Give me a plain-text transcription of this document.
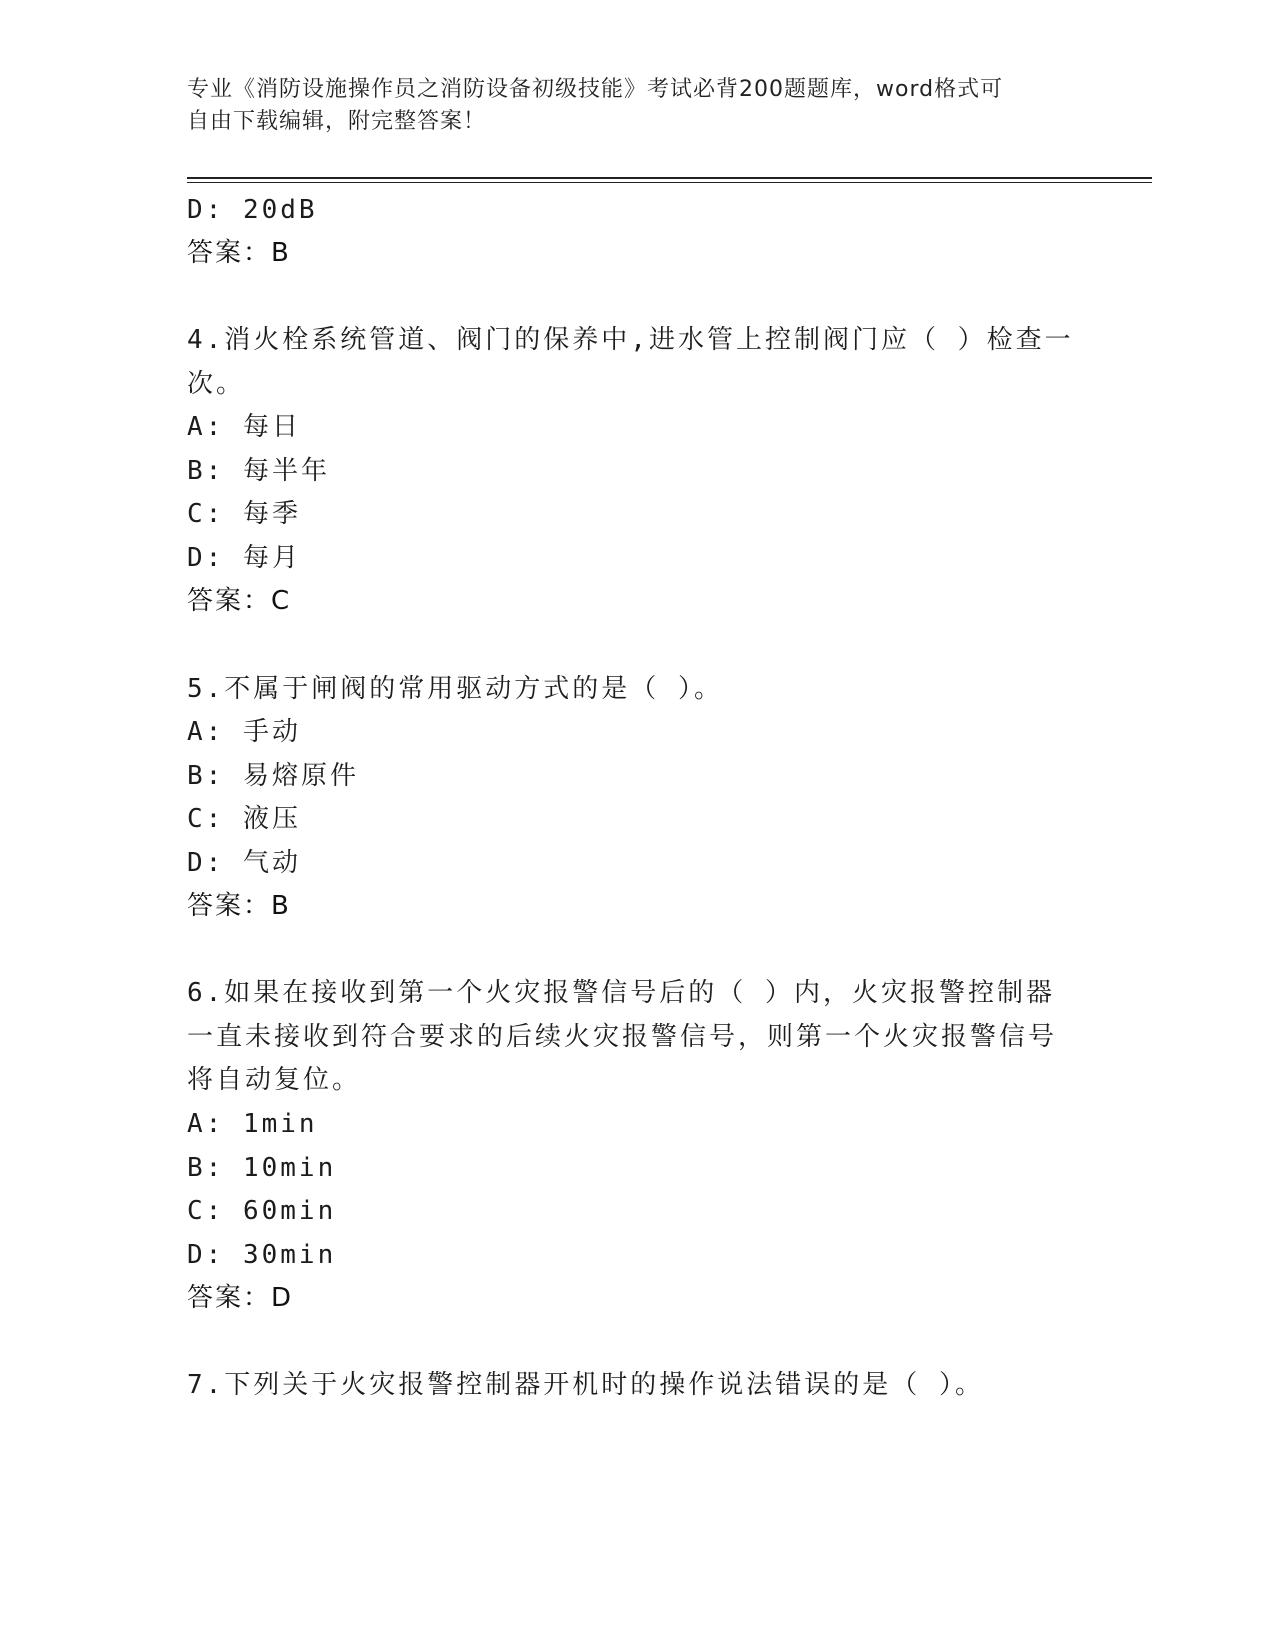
专业《消防设施操作员之消防设备初级技能》考试必背200题题库，word格式可
自由下载编辑，附完整答案！
D: 20dB
答案：B
4.消火栓系统管道、阀门的保养中,进水管上控制阀门应（ ）检查一
次。
A: 每日
B: 每半年
C: 每季
D: 每月
答案：C
5.不属于闸阀的常用驱动方式的是（ ）。
A: 手动
B: 易熔原件
C: 液压
D: 气动
答案：B
6.如果在接收到第一个火灾报警信号后的（ ）内，火灾报警控制器
一直未接收到符合要求的后续火灾报警信号，则第一个火灾报警信号
将自动复位。
A: 1min
B: 10min
C: 60min
D: 30min
答案：D
7.下列关于火灾报警控制器开机时的操作说法错误的是（ ）。
